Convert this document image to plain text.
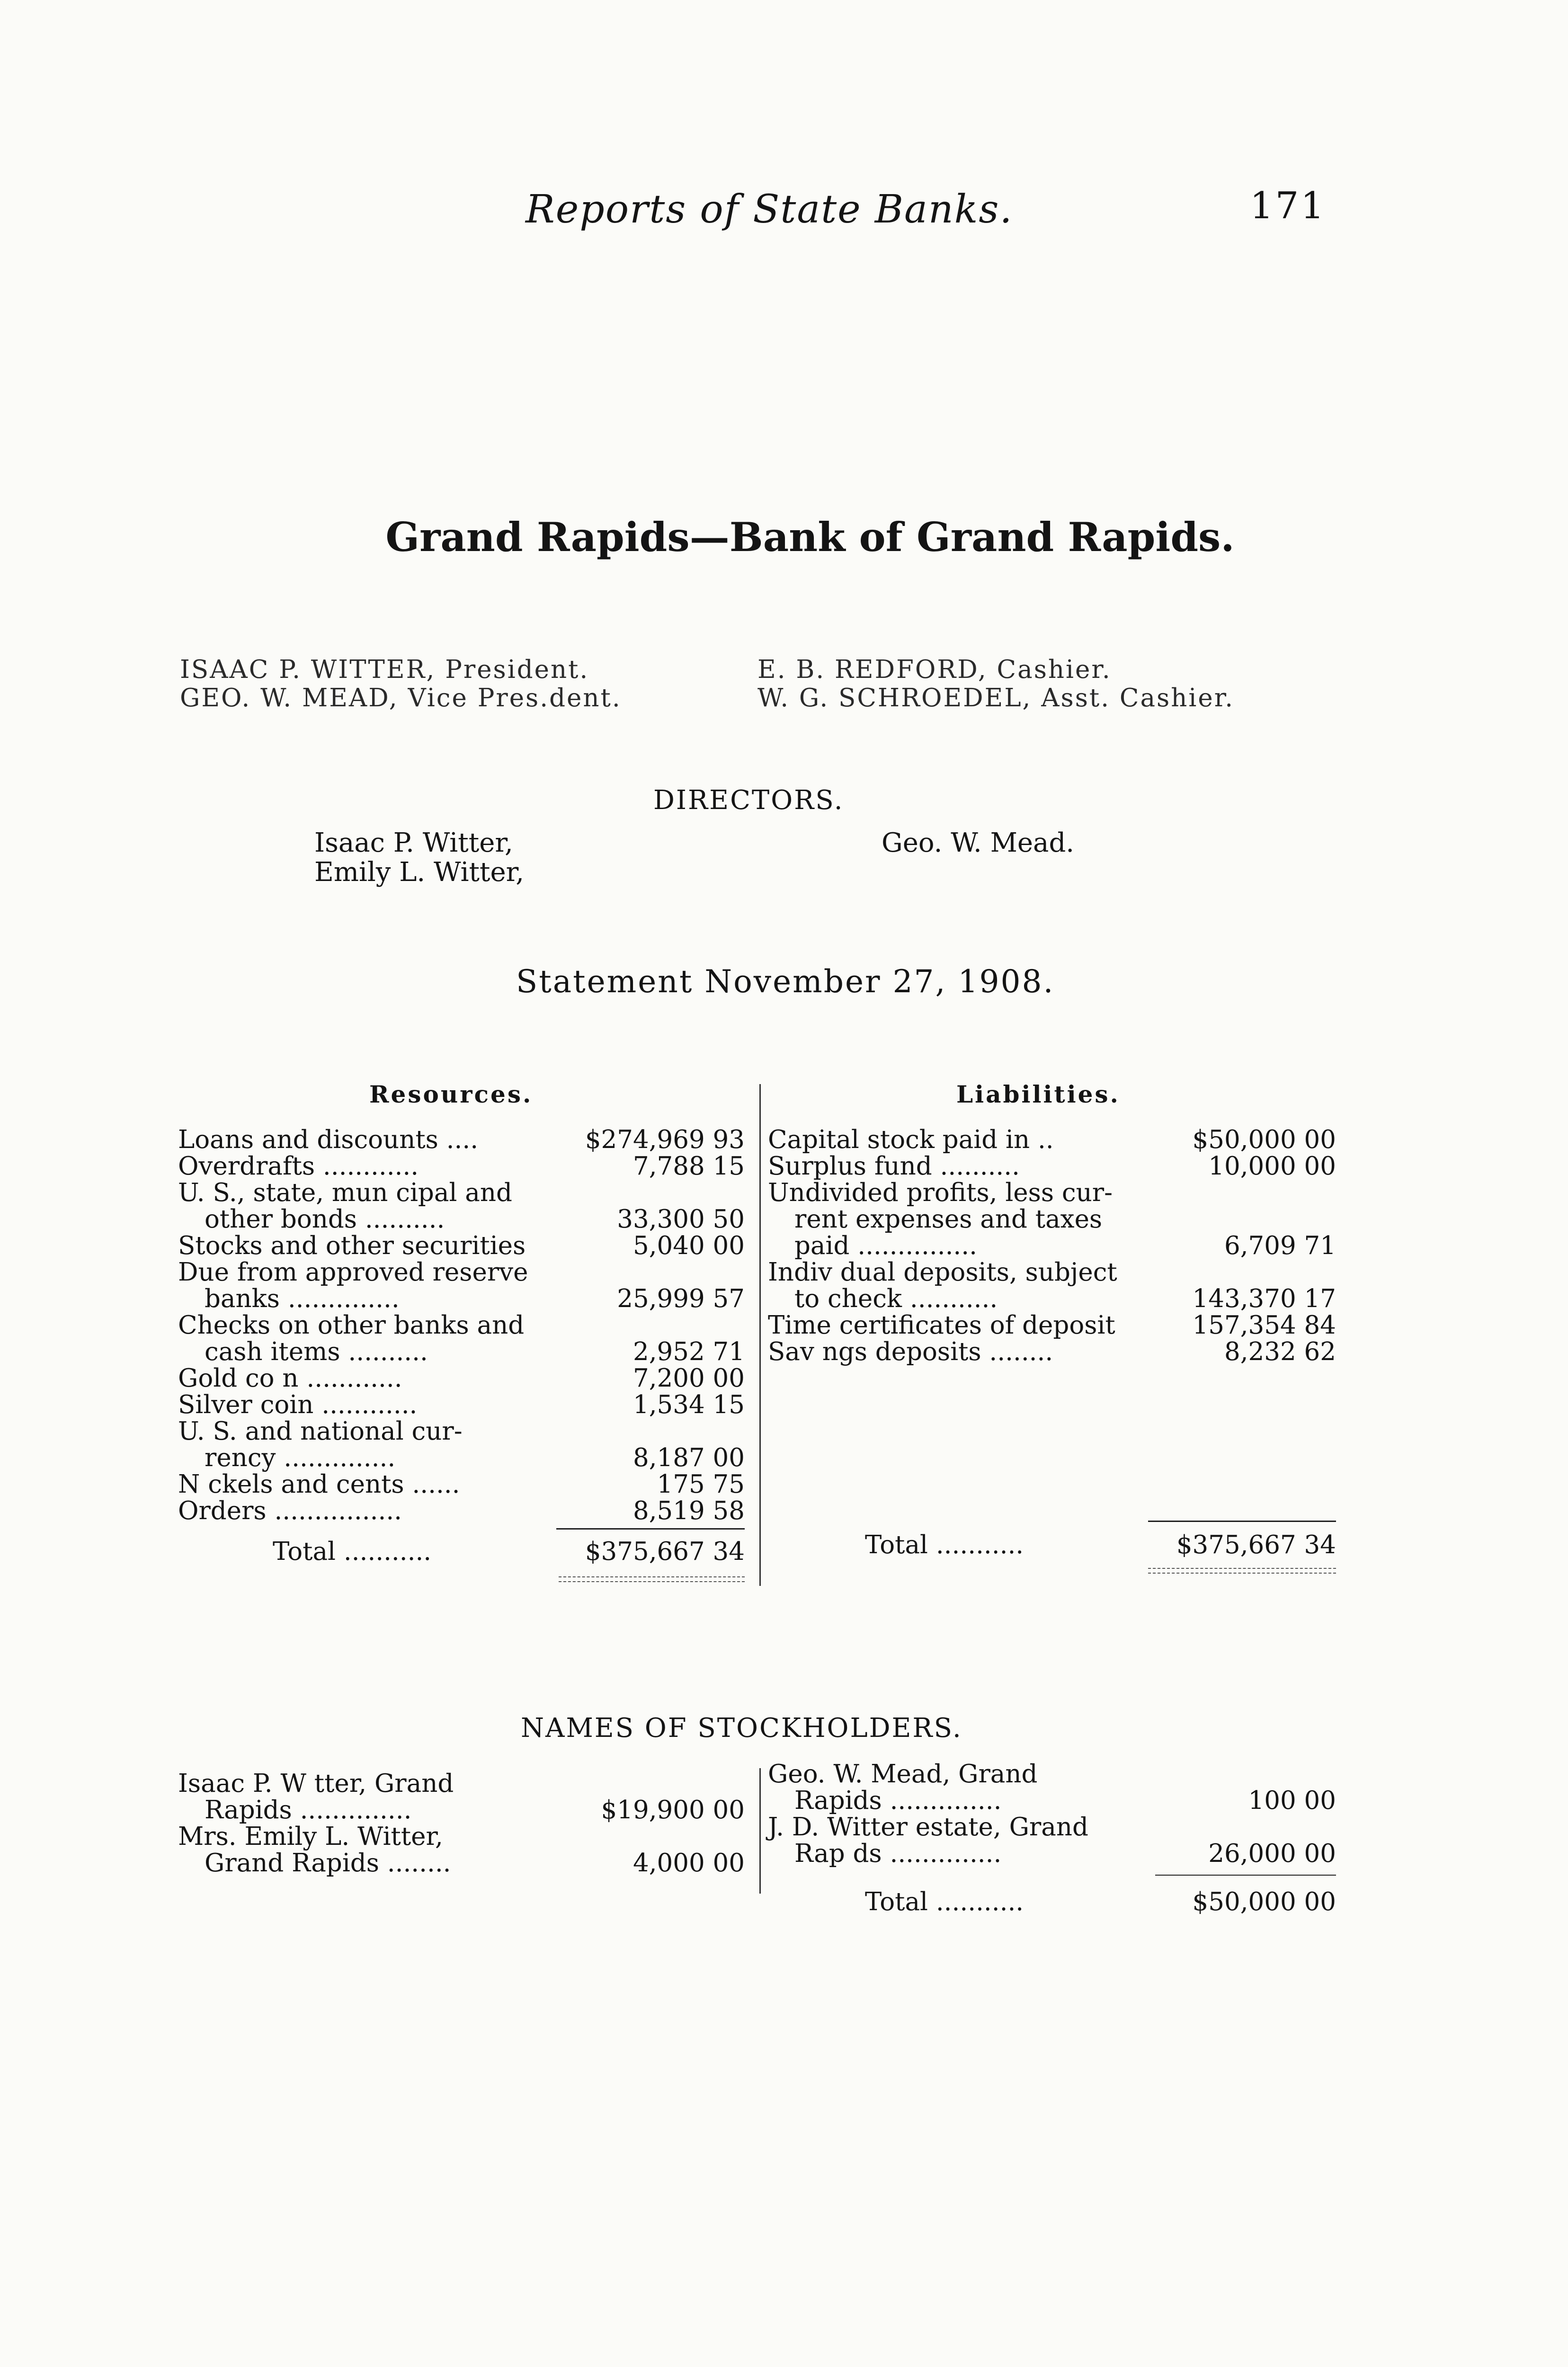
Reports of State Banks.	171
Grand Rapids—Bank of Grand Rapids.
ISAAC P. WITTER, President.
GEO. W. MEAD, Vice Pres.dent.
E. B. REDFORD, Cashier.
W. G. SCHROEDEL, Asst. Cashier.
DIRECTORS.
Isaac P. Witter,
Emily L. Witter,
Geo. W. Mead.
Statement November 27, 1908.
Resources.	Liabilities.
Loans and discounts ....	$274,969 93
Overdrafts ............	7,788 15
U. S., state, mun cipal and
other bonds ..........	33,300 50
Stocks and other securities	5,040 00
Due from approved reserve
banks ..............	25,999 57
Checks on other banks and
cash items ..........	2,952 71
Gold co n ............	7,200 00
Silver coin ............	1,534 15
U. S. and national cur-
rency ..............	8,187 00
N ckels and cents ......	175 75
Orders ................	8,519 58
Total ...........	$375,667 34
Capital stock paid in ..	$50,000 00
Surplus fund ..........	10,000 00
Undivided profits, less cur-
rent expenses and taxes
paid ...............	6,709 71
Indiv dual deposits, subject
to check ...........	143,370 17
Time certificates of deposit	157,354 84
Sav ngs deposits ........	8,232 62
Total ...........	$375,667 34
NAMES OF STOCKHOLDERS.
Isaac P. W tter, Grand
Rapids ..............	$19,900 00
Mrs. Emily L. Witter,
Grand Rapids ........	4,000 00
Geo. W. Mead, Grand
Rapids ..............	100 00
J. D. Witter estate, Grand
Rap ds ..............	26,000 00
Total ...........	$50,000 00
